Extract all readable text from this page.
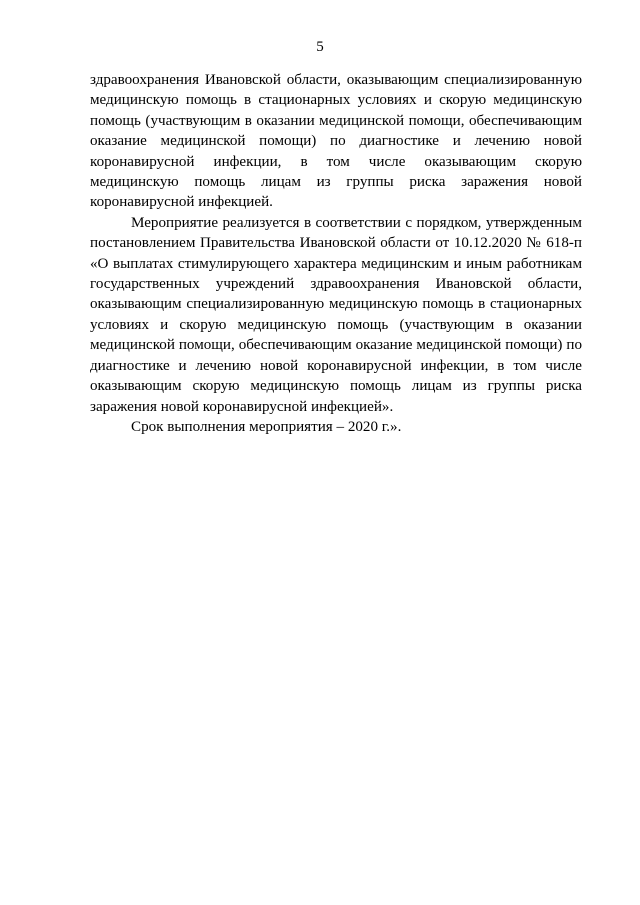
5

здравоохранения Ивановской области, оказывающим специализированную медицинскую помощь в стационарных условиях и скорую медицинскую помощь (участвующим в оказании медицинской помощи, обеспечивающим оказание медицинской помощи) по диагностике и лечению новой коронавирусной инфекции, в том числе оказывающим скорую медицинскую помощь лицам из группы риска заражения новой коронавирусной инфекцией.

Мероприятие реализуется в соответствии с порядком, утвержденным постановлением Правительства Ивановской области от 10.12.2020 № 618-п «О выплатах стимулирующего характера медицинским и иным работникам государственных учреждений здравоохранения Ивановской области, оказывающим специализированную медицинскую помощь в стационарных условиях и скорую медицинскую помощь (участвующим в оказании медицинской помощи, обеспечивающим оказание медицинской помощи) по диагностике и лечению новой коронавирусной инфекции, в том числе оказывающим скорую медицинскую помощь лицам из группы риска заражения новой коронавирусной инфекцией».

Срок выполнения мероприятия – 2020 г.».
